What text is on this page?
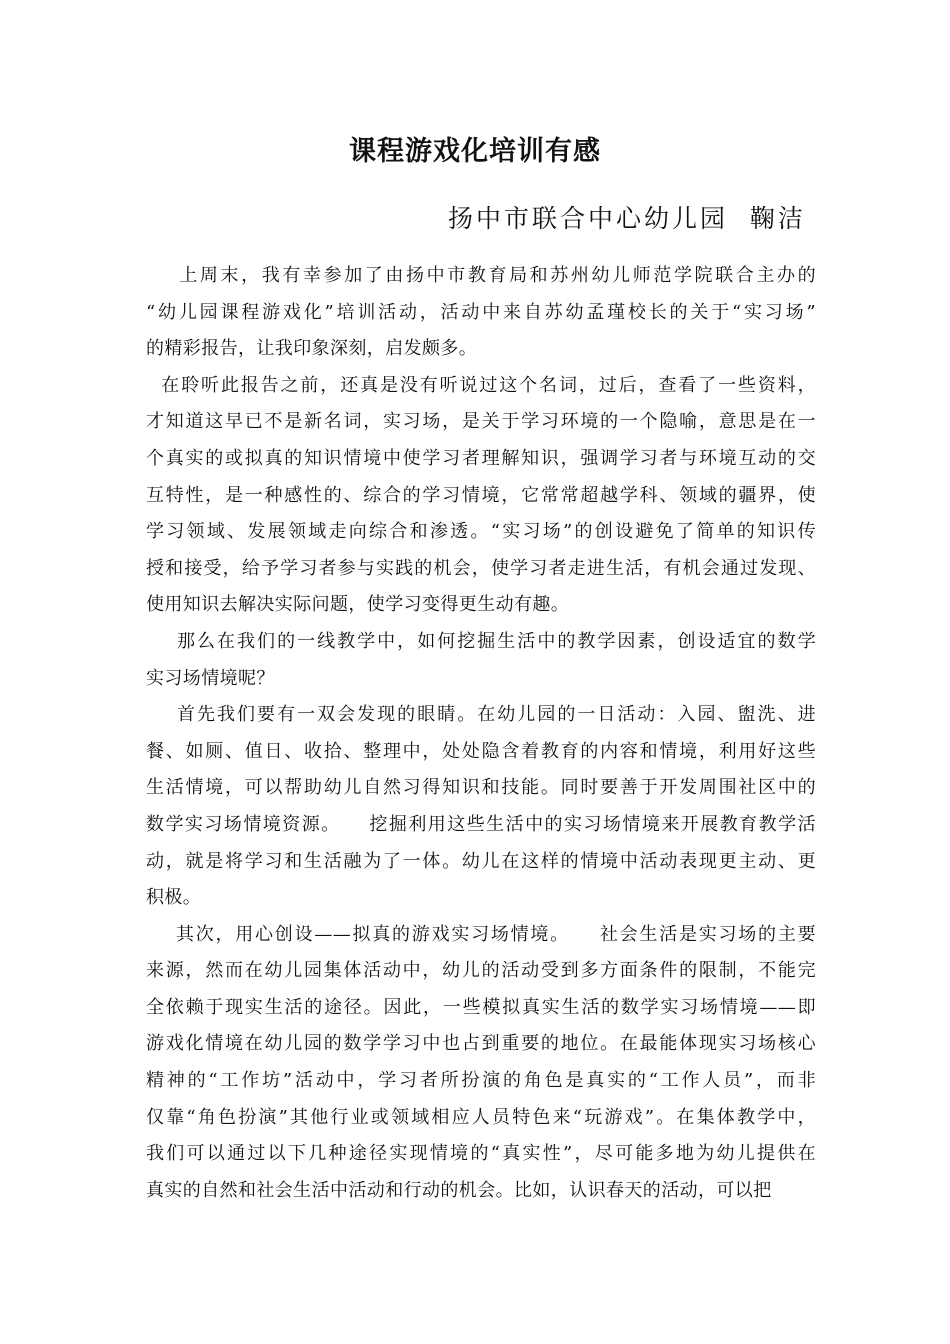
课程游戏化培训有感
扬中市联合中心幼儿园  鞠洁
上周末，我有幸参加了由扬中市教育局和苏州幼儿师范学院联合主办的
“幼儿园课程游戏化”培训活动，活动中来自苏幼孟瑾校长的关于“实习场”
的精彩报告，让我印象深刻，启发颇多。
在聆听此报告之前，还真是没有听说过这个名词，过后，查看了一些资料，
才知道这早已不是新名词，实习场，是关于学习环境的一个隐喻，意思是在一
个真实的或拟真的知识情境中使学习者理解知识，强调学习者与环境互动的交
互特性，是一种感性的、综合的学习情境，它常常超越学科、领域的疆界，使
学习领域、发展领域走向综合和渗透。“实习场”的创设避免了简单的知识传
授和接受，给予学习者参与实践的机会，使学习者走进生活，有机会通过发现、
使用知识去解决实际问题，使学习变得更生动有趣。
那么在我们的一线教学中，如何挖掘生活中的教学因素，创设适宜的数学
实习场情境呢？
首先我们要有一双会发现的眼睛。在幼儿园的一日活动：入园、盥洗、进
餐、如厕、值日、收拾、整理中，处处隐含着教育的内容和情境，利用好这些
生活情境，可以帮助幼儿自然习得知识和技能。同时要善于开发周围社区中的
数学实习场情境资源。    挖掘利用这些生活中的实习场情境来开展教育教学活
动，就是将学习和生活融为了一体。幼儿在这样的情境中活动表现更主动、更
积极。
其次，用心创设——拟真的游戏实习场情境。    社会生活是实习场的主要
来源，然而在幼儿园集体活动中，幼儿的活动受到多方面条件的限制，不能完
全依赖于现实生活的途径。因此，一些模拟真实生活的数学实习场情境——即
游戏化情境在幼儿园的数学学习中也占到重要的地位。在最能体现实习场核心
精神的“工作坊”活动中，学习者所扮演的角色是真实的“工作人员”，而非
仅靠“角色扮演”其他行业或领域相应人员特色来“玩游戏”。在集体教学中，
我们可以通过以下几种途径实现情境的“真实性”，尽可能多地为幼儿提供在
真实的自然和社会生活中活动和行动的机会。比如，认识春天的活动，可以把
